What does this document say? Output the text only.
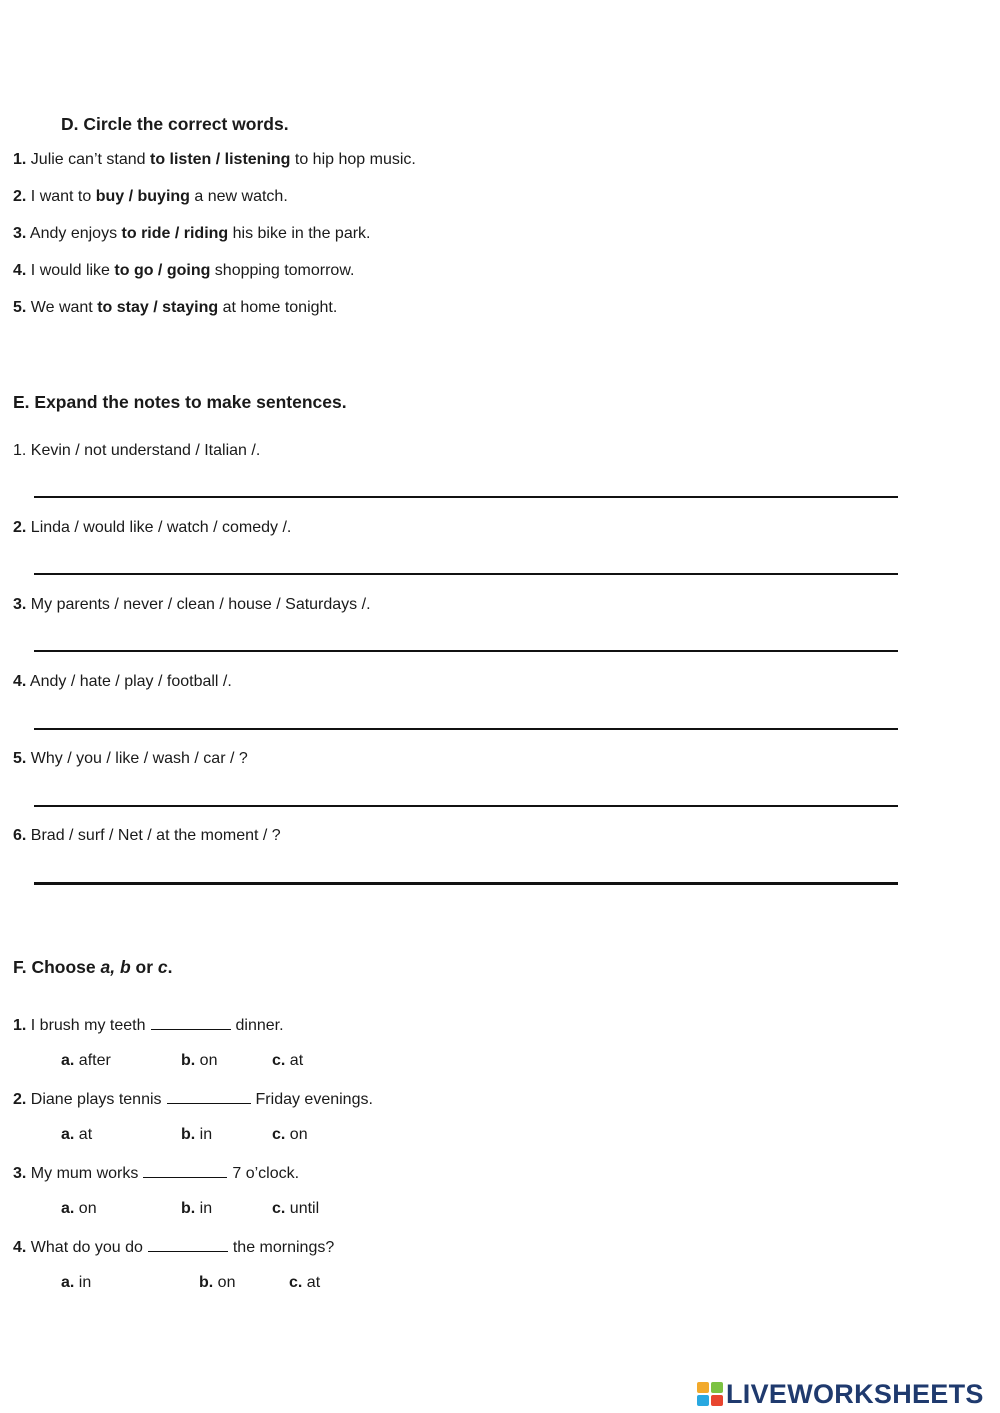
D. Circle the correct words.
1. Julie can’t stand to listen / listening to hip hop music.
2. I want to buy / buying a new watch.
3. Andy enjoys to ride / riding his bike in the park.
4. I would like to go / going shopping tomorrow.
5. We want to stay / staying at home tonight.
E. Expand the notes to make sentences.
1. Kevin / not understand / Italian /.
2. Linda / would like / watch / comedy /.
3. My parents / never / clean / house / Saturdays /.
4. Andy / hate / play / football /.
5. Why / you / like / wash / car / ?
6. Brad / surf / Net / at the moment / ?
F. Choose a, b or c.
1. I brush my teeth	dinner.
a. after	b. on	c. at
2. Diane plays tennis	Friday evenings.
a. at	b. in	c. on
3. My mum works	7 o’clock.
a. on	b. in	c. until
4. What do you do	the mornings?
a. in	b. on	c. at
LIVEWORKSHEETS
